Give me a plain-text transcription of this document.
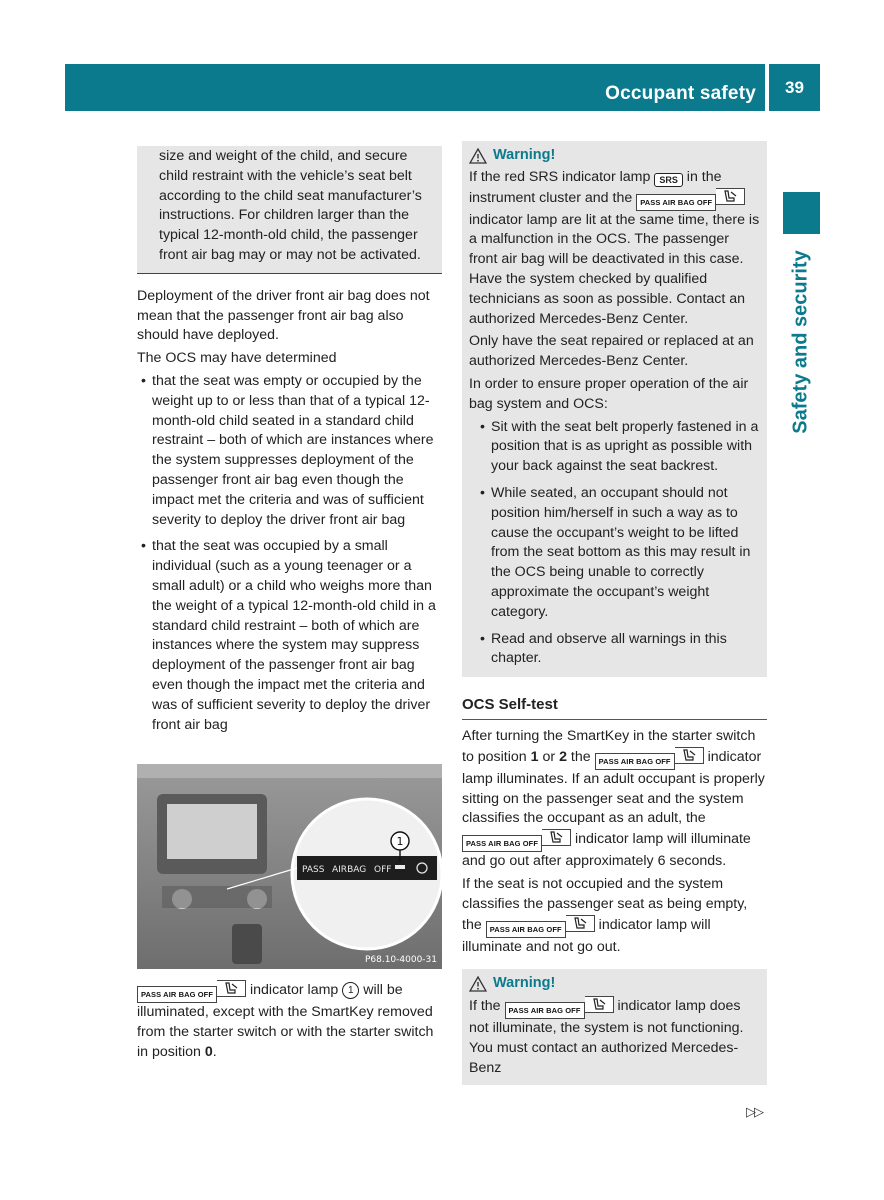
Occupant safety	39
Safety and security

size and weight of the child, and secure child restraint with the vehicle’s seat belt according to the child seat manufacturer’s instructions. For children larger than the typical 12-month-old child, the passenger front air bag may or may not be activated.

Deployment of the driver front air bag does not mean that the passenger front air bag also should have deployed.

The OCS may have determined

• that the seat was empty or occupied by the weight up to or less than that of a typical 12-month-old child seated in a standard child restraint – both of which are instances where the system suppresses deployment of the passenger front air bag even though the impact met the criteria and was of sufficient severity to deploy the driver front air bag
• that the seat was occupied by a small individual (such as a young teenager or a small adult) or a child who weighs more than the weight of a typical 12-month-old child in a standard child restraint – both of which are instances where the system may suppress deployment of the passenger front air bag even though the impact met the criteria and was of sufficient severity to deploy the driver front air bag
PASS AIRBAG OFF
1
P68.10-4000-31

PASS AIR BAG OFF	indicator lamp 1 will be illuminated, except with the SmartKey removed from the starter switch or with the starter switch in position 0.

Warning!

If the red SRS indicator lamp SRS in the instrument cluster and the PASS AIR BAG OFF
indicator lamp are lit at the same time, there is a malfunction in the OCS. The passenger front air bag will be deactivated in this case. Have the system checked by qualified technicians as soon as possible. Contact an authorized Mercedes-Benz Center.

Only have the seat repaired or replaced at an authorized Mercedes-Benz Center.

In order to ensure proper operation of the air bag system and OCS:

• Sit with the seat belt properly fastened in a position that is as upright as possible with your back against the seat backrest.
• While seated, an occupant should not position him/herself in such a way as to cause the occupant’s weight to be lifted from the seat bottom as this may result in the OCS being unable to correctly approximate the occupant’s weight category.
• Read and observe all warnings in this chapter.
OCS Self-test

After turning the SmartKey in the starter switch to position 1 or 2 the PASS AIR BAG OFF	indicator lamp illuminates. If an adult occupant is properly sitting on the passenger seat and the system classifies the occupant as an adult, the PASS AIR BAG OFF	indicator lamp will illuminate and go out after approximately 6 seconds.

If the seat is not occupied and the system classifies the passenger seat as being empty, the PASS AIR BAG OFF	indicator lamp will illuminate and not go out.

Warning!

If the PASS AIR BAG OFF	indicator lamp does not illuminate, the system is not functioning. You must contact an authorized Mercedes-Benz

▷▷
